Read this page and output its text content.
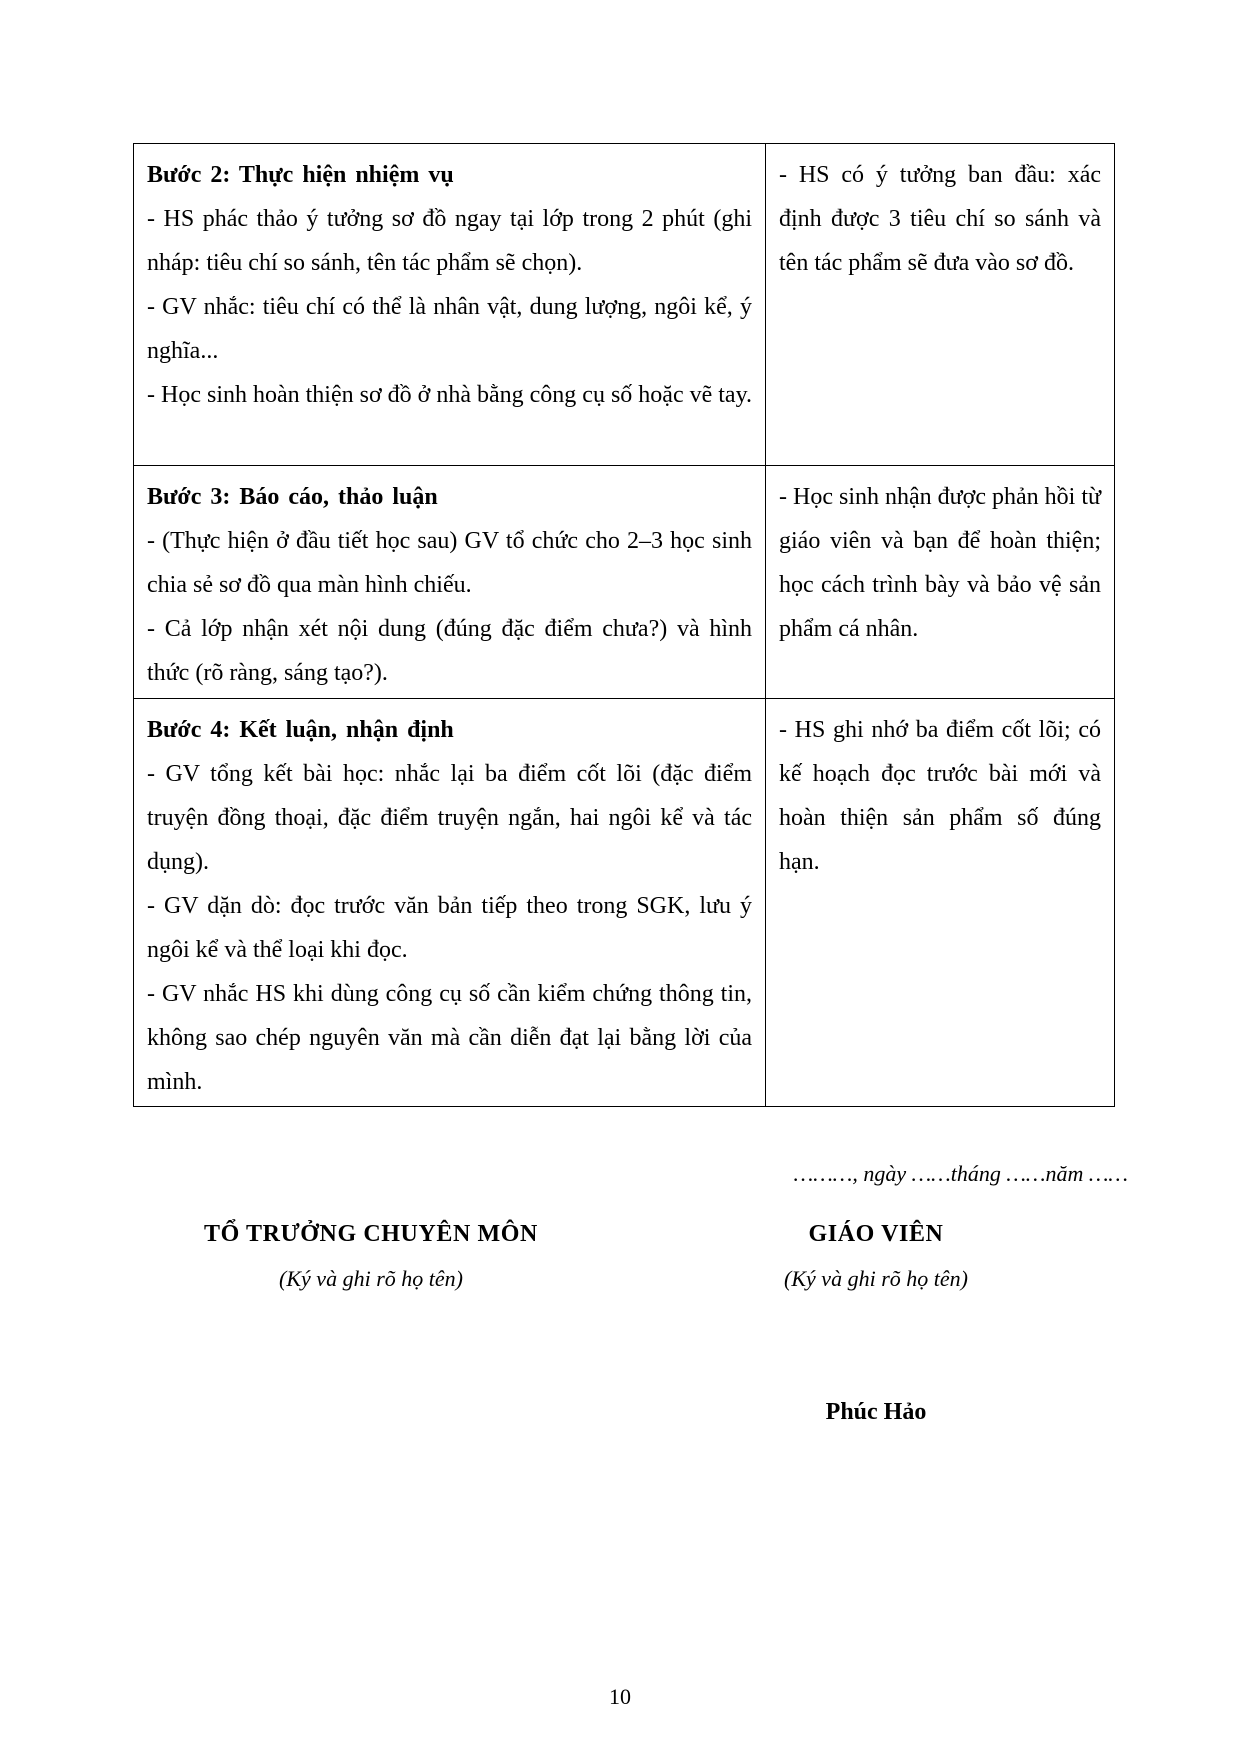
Bước 2: Thực hiện nhiệm vụ

- HS phác thảo ý tưởng sơ đồ ngay tại lớp trong 2 phút (ghi nháp: tiêu chí so sánh, tên tác phẩm sẽ chọn).

- GV nhắc: tiêu chí có thể là nhân vật, dung lượng, ngôi kể, ý nghĩa...

- Học sinh hoàn thiện sơ đồ ở nhà bằng công cụ số hoặc vẽ tay.

- HS có ý tưởng ban đầu: xác định được 3 tiêu chí so sánh và tên tác phẩm sẽ đưa vào sơ đồ.

Bước 3: Báo cáo, thảo luận

- (Thực hiện ở đầu tiết học sau) GV tổ chức cho 2–3 học sinh chia sẻ sơ đồ qua màn hình chiếu.

- Cả lớp nhận xét nội dung (đúng đặc điểm chưa?) và hình thức (rõ ràng, sáng tạo?).

- Học sinh nhận được phản hồi từ giáo viên và bạn để hoàn thiện; học cách trình bày và bảo vệ sản phẩm cá nhân.

Bước 4: Kết luận, nhận định

- GV tổng kết bài học: nhắc lại ba điểm cốt lõi (đặc điểm truyện đồng thoại, đặc điểm truyện ngắn, hai ngôi kể và tác dụng).

- GV dặn dò: đọc trước văn bản tiếp theo trong SGK, lưu ý ngôi kể và thể loại khi đọc.

- GV nhắc HS khi dùng công cụ số cần kiểm chứng thông tin, không sao chép nguyên văn mà cần diễn đạt lại bằng lời của mình.

- HS ghi nhớ ba điểm cốt lõi; có kế hoạch đọc trước bài mới và hoàn thiện sản phẩm số đúng hạn.

………, ngày ……tháng ……năm ……
TỔ TRƯỞNG CHUYÊN MÔN
(Ký và ghi rõ họ tên)
GIÁO VIÊN
(Ký và ghi rõ họ tên)
Phúc Hảo
10
